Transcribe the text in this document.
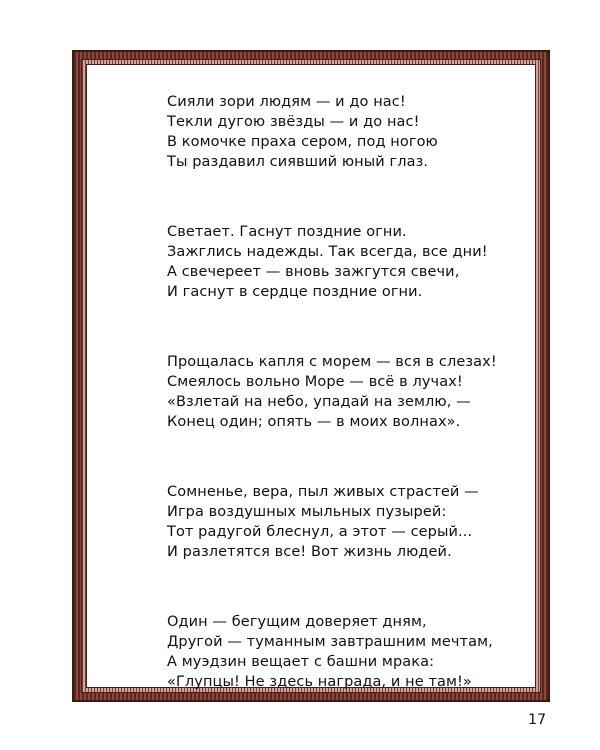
Сияли зори людям — и до нас!
Текли дугою звёзды — и до нас!
В комочке праха сером, под ногою
Ты раздавил сиявший юный глаз.
Светает. Гаснут поздние огни.
Зажглись надежды. Так всегда, все дни!
А свечереет — вновь зажгутся свечи,
И гаснут в сердце поздние огни.
Прощалась капля с морем — вся в слезах!
Смеялось вольно Море — всё в лучах!
«Взлетай на небо, упадай на землю, —
Конец один; опять — в моих волнах».
Сомненье, вера, пыл живых страстей —
Игра воздушных мыльных пузырей:
Тот радугой блеснул, а этот — серый...
И разлетятся все! Вот жизнь людей.
Один — бегущим доверяет дням,
Другой — туманным завтрашним мечтам,
А муэдзин вещает с башни мрака:
«Глупцы! Не здесь награда, и не там!»
17
